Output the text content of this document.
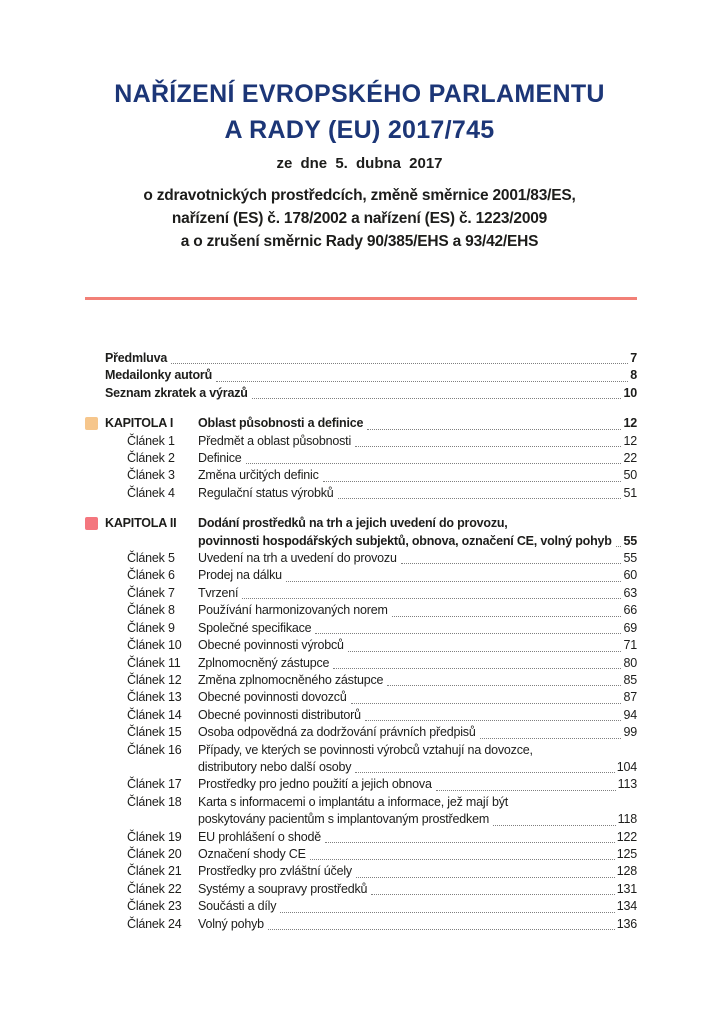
NAŘÍZENÍ EVROPSKÉHO PARLAMENTU
A RADY (EU) 2017/745
ze dne 5. dubna 2017
o zdravotnických prostředcích, změně směrnice 2001/83/ES,
nařízení (ES) č. 178/2002 a nařízení (ES) č. 1223/2009
a o zrušení směrnic Rady 90/385/EHS a 93/42/EHS
Předmluva	7
Medailonky autorů	8
Seznam zkratek a výrazů	10
KAPITOLA I	Oblast působnosti a definice	12
Článek 1	Předmět a oblast působnosti	12
Článek 2	Definice	22
Článek 3	Změna určitých definic	50
Článek 4	Regulační status výrobků	51
KAPITOLA II	Dodání prostředků na trh a jejich uvedení do provozu,
povinnosti hospodářských subjektů, obnova, označení CE, volný pohyb 55
Článek 5	Uvedení na trh a uvedení do provozu	55
Článek 6	Prodej na dálku	60
Článek 7	Tvrzení	63
Článek 8	Používání harmonizovaných norem	66
Článek 9	Společné specifikace	69
Článek 10	Obecné povinnosti výrobců	71
Článek 11	Zplnomocněný zástupce	80
Článek 12	Změna zplnomocněného zástupce	85
Článek 13	Obecné povinnosti dovozců	87
Článek 14	Obecné povinnosti distributorů	94
Článek 15	Osoba odpovědná za dodržování právních předpisů	99
Článek 16	Případy, ve kterých se povinnosti výrobců vztahují na dovozce,
distributory nebo další osoby	104
Článek 17	Prostředky pro jedno použití a jejich obnova	113
Článek 18	Karta s informacemi o implantátu a informace, jež mají být
poskytovány pacientům s implantovaným prostředkem	118
Článek 19	EU prohlášení o shodě	122
Článek 20	Označení shody CE	125
Článek 21	Prostředky pro zvláštní účely	128
Článek 22	Systémy a soupravy prostředků	131
Článek 23	Součásti a díly	134
Článek 24	Volný pohyb	136
